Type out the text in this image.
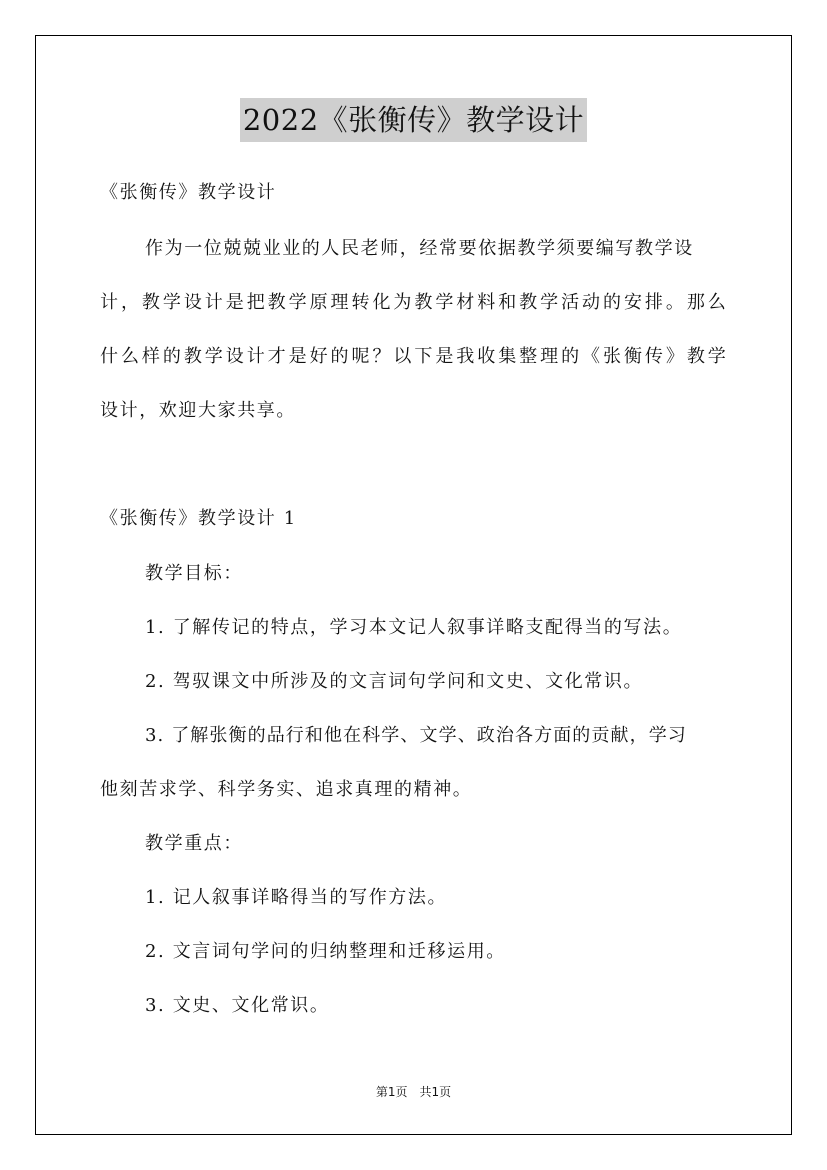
2022《张衡传》教学设计
《张衡传》教学设计
作为一位兢兢业业的人民老师，经常要依据教学须要编写教学设
计，教学设计是把教学原理转化为教学材料和教学活动的安排。那么
什么样的教学设计才是好的呢？以下是我收集整理的《张衡传》教学
设计，欢迎大家共享。
《张衡传》教学设计 1
教学目标：
1. 了解传记的特点，学习本文记人叙事详略支配得当的写法。
2. 驾驭课文中所涉及的文言词句学问和文史、文化常识。
3. 了解张衡的品行和他在科学、文学、政治各方面的贡献，学习
他刻苦求学、科学务实、追求真理的精神。
教学重点：
1. 记人叙事详略得当的写作方法。
2. 文言词句学问的归纳整理和迁移运用。
3. 文史、文化常识。
第1页　共1页
